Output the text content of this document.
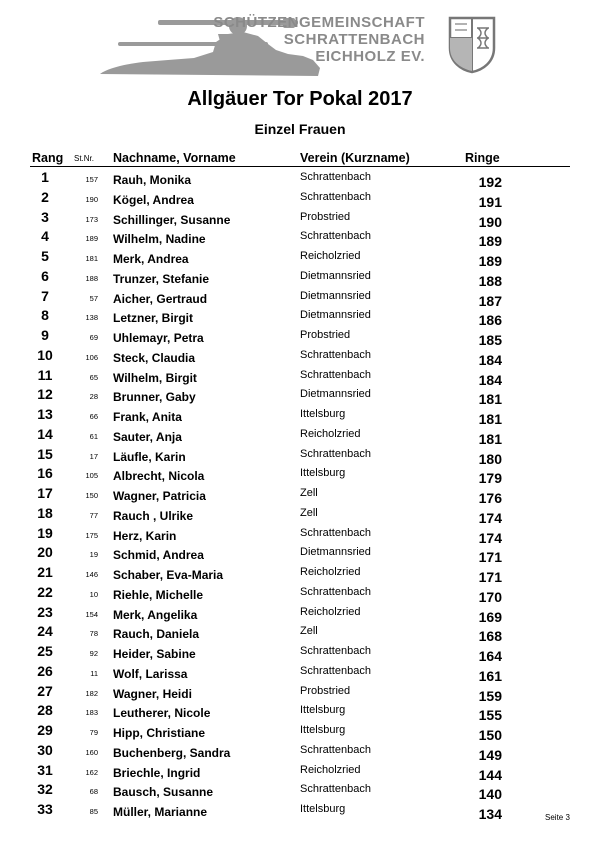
SCHÜTZENGEMEINSCHAFT
SCHRATTENBACH
EICHHOLZ EV.
Allgäuer Tor Pokal 2017
Einzel Frauen
Rang St.Nr. Nachname, Vorname	Verein (Kurzname)	Ringe
1	157 Rauh, Monika	Schrattenbach	192
2	190 Kögel, Andrea	Schrattenbach	191
3	173 Schillinger, Susanne	Probstried	190
4	189 Wilhelm, Nadine	Schrattenbach	189
5	181 Merk, Andrea	Reicholzried	189
6	188 Trunzer, Stefanie	Dietmannsried	188
7	57 Aicher, Gertraud	Dietmannsried	187
8	138 Letzner, Birgit	Dietmannsried	186
9	69 Uhlemayr, Petra	Probstried	185
10	106 Steck, Claudia	Schrattenbach	184
11	65 Wilhelm, Birgit	Schrattenbach	184
12	28 Brunner, Gaby	Dietmannsried	181
13	66 Frank, Anita	Ittelsburg	181
14	61 Sauter, Anja	Reicholzried	181
15	17 Läufle, Karin	Schrattenbach	180
16	105 Albrecht, Nicola	Ittelsburg	179
17	150 Wagner, Patricia	Zell	176
18	77 Rauch , Ulrike	Zell	174
19	175 Herz, Karin	Schrattenbach	174
20	19 Schmid, Andrea	Dietmannsried	171
21	146 Schaber, Eva-Maria	Reicholzried	171
22	10 Riehle, Michelle	Schrattenbach	170
23	154 Merk, Angelika	Reicholzried	169
24	78 Rauch, Daniela	Zell	168
25	92 Heider, Sabine	Schrattenbach	164
26	11 Wolf, Larissa	Schrattenbach	161
27	182 Wagner, Heidi	Probstried	159
28	183 Leutherer, Nicole	Ittelsburg	155
29	79 Hipp, Christiane	Ittelsburg	150
30	160 Buchenberg, Sandra	Schrattenbach	149
31	162 Briechle, Ingrid	Reicholzried	144
32	68 Bausch, Susanne	Schrattenbach	140
33	85 Müller, Marianne	Ittelsburg	134	Seite 3
